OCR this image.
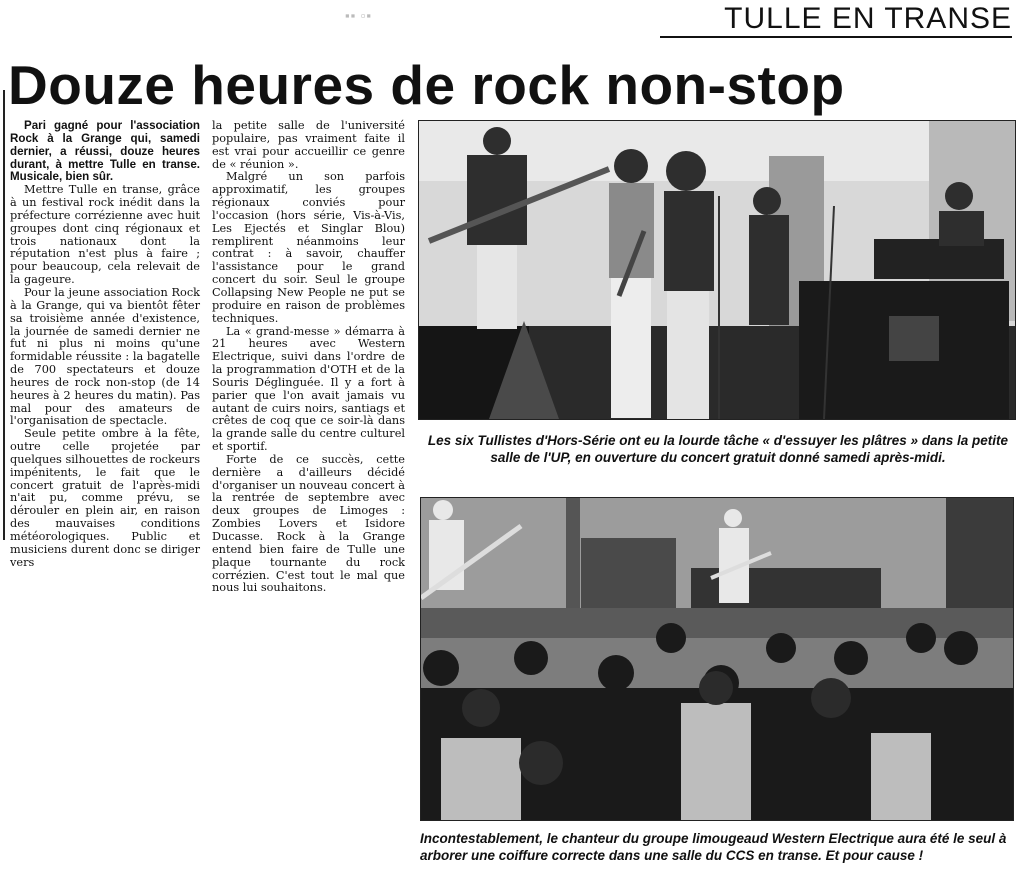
▪▪ ▫▪	TULLE EN TRANSE
Douze heures de rock non-stop

Pari gagné pour l'association Rock à la Grange qui, samedi dernier, a réussi, douze heures durant, à mettre Tulle en transe. Musicale, bien sûr.

Mettre Tulle en transe, grâce à un festival rock inédit dans la préfecture corrézienne avec huit groupes dont cinq régionaux et trois nationaux dont la réputation n'est plus à faire ; pour beaucoup, cela relevait de la gageure.

Pour la jeune association Rock à la Grange, qui va bientôt fêter sa troisième année d'existence, la journée de samedi dernier ne fut ni plus ni moins qu'une formidable réussite : la bagatelle de 700 spectateurs et douze heures de rock non-stop (de 14 heures à 2 heures du matin). Pas mal pour des amateurs de l'organisation de spectacle.

Seule petite ombre à la fête, outre celle projetée par quelques silhouettes de rockeurs impénitents, le fait que le concert gratuit de l'après-midi n'ait pu, comme prévu, se dérouler en plein air, en raison des mauvaises conditions météorologiques. Public et musiciens durent donc se diriger vers

la petite salle de l'université populaire, pas vraiment faite il est vrai pour accueillir ce genre de « réunion ».

Malgré un son parfois approximatif, les groupes régionaux conviés pour l'occasion (hors série, Vis-à-Vis, Les Ejectés et Singlar Blou) remplirent néanmoins leur contrat : à savoir, chauffer l'assistance pour le grand concert du soir. Seul le groupe Collapsing New People ne put se produire en raison de problèmes techniques.

La « grand-messe » démarra à 21 heures avec Western Electrique, suivi dans l'ordre de la programmation d'OTH et de la Souris Déglinguée. Il y a fort à parier que l'on avait jamais vu autant de cuirs noirs, santiags et crêtes de coq que ce soir-là dans la grande salle du centre culturel et sportif.

Forte de ce succès, cette dernière a d'ailleurs décidé d'organiser un nouveau concert à la rentrée de septembre avec deux groupes de Limoges : Zombies Lovers et Isidore Ducasse. Rock à la Grange entend bien faire de Tulle une plaque tournante du rock corrézien. C'est tout le mal que nous lui souhaitons.

Les six Tullistes d'Hors-Série ont eu la lourde tâche « d'essuyer les plâtres » dans la petite salle de l'UP, en ouverture du concert gratuit donné samedi après-midi.
Incontestablement, le chanteur du groupe limougeaud Western Electrique aura été le seul à arborer une coiffure correcte dans une salle du CCS en transe. Et pour cause !
